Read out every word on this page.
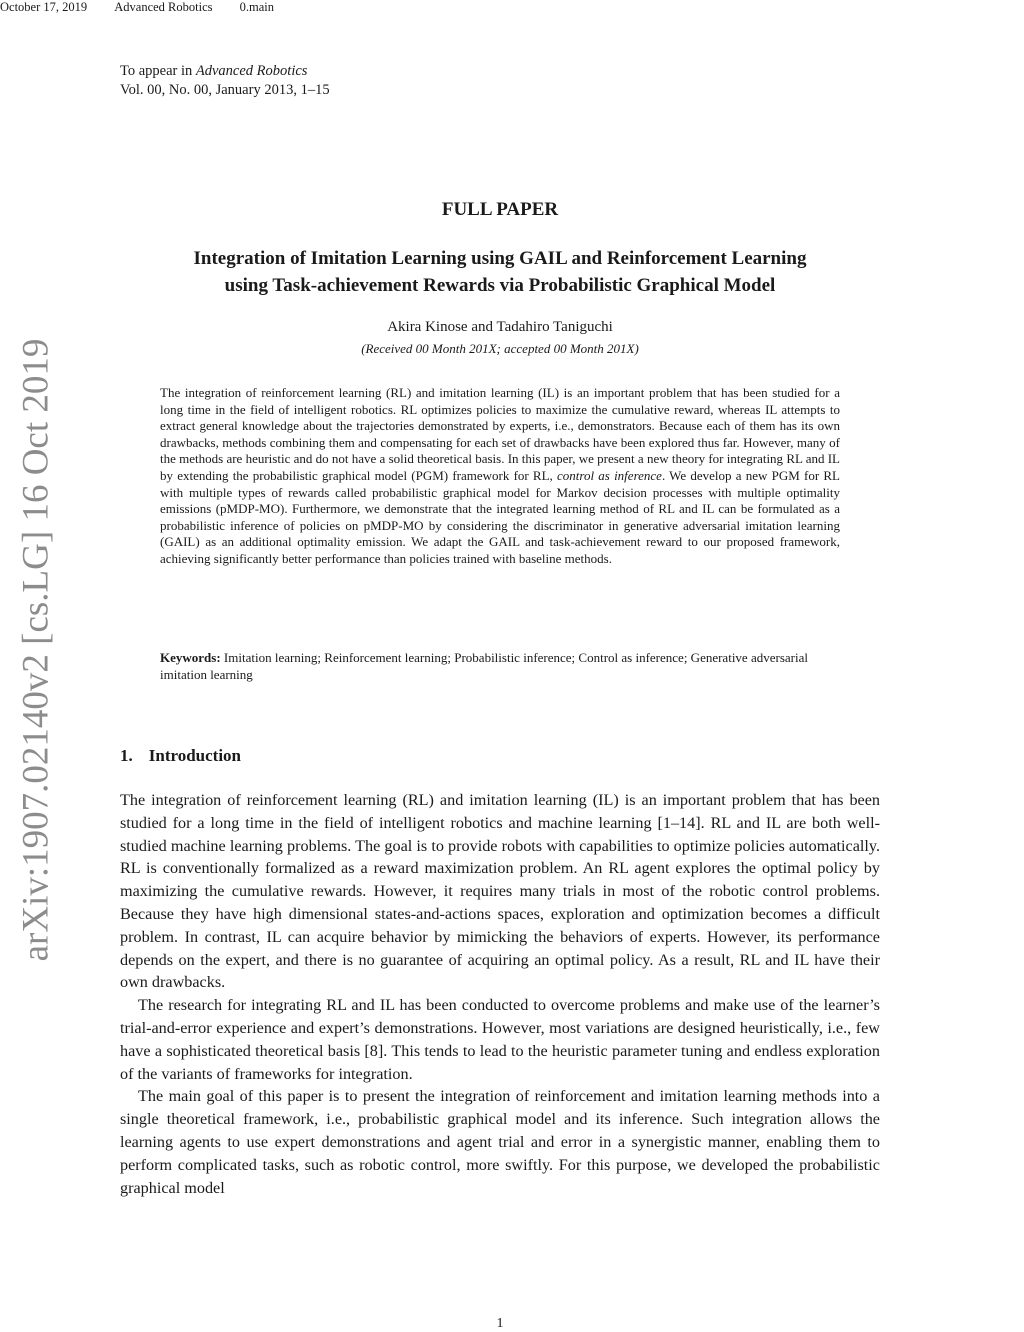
October 17, 2019 Advanced Robotics 0.main
To appear in Advanced Robotics
Vol. 00, No. 00, January 2013, 1–15
arXiv:1907.02140v2 [cs.LG] 16 Oct 2019
FULL PAPER
Integration of Imitation Learning using GAIL and Reinforcement Learning
using Task-achievement Rewards via Probabilistic Graphical Model
Akira Kinose and Tadahiro Taniguchi
(Received 00 Month 201X; accepted 00 Month 201X)
The integration of reinforcement learning (RL) and imitation learning (IL) is an important problem that has been studied for a long time in the field of intelligent robotics. RL optimizes policies to maximize the cumulative reward, whereas IL attempts to extract general knowledge about the trajectories demonstrated by experts, i.e., demonstrators. Because each of them has its own drawbacks, methods combining them and compensating for each set of drawbacks have been explored thus far. However, many of the methods are heuristic and do not have a solid theoretical basis. In this paper, we present a new theory for integrating RL and IL by extending the probabilistic graphical model (PGM) framework for RL, control as inference. We develop a new PGM for RL with multiple types of rewards called probabilistic graphical model for Markov decision processes with multiple optimality emissions (pMDP-MO). Furthermore, we demonstrate that the integrated learning method of RL and IL can be formulated as a probabilistic inference of policies on pMDP-MO by considering the discriminator in generative adversarial imitation learning (GAIL) as an additional optimality emission. We adapt the GAIL and task-achievement reward to our proposed framework, achieving significantly better performance than policies trained with baseline methods.
Keywords: Imitation learning; Reinforcement learning; Probabilistic inference; Control as inference; Generative adversarial imitation learning
1. Introduction

The integration of reinforcement learning (RL) and imitation learning (IL) is an important problem that has been studied for a long time in the field of intelligent robotics and machine learning [1–14]. RL and IL are both well-studied machine learning problems. The goal is to provide robots with capabilities to optimize policies automatically. RL is conventionally formalized as a reward maximization problem. An RL agent explores the optimal policy by maximizing the cumulative rewards. However, it requires many trials in most of the robotic control problems. Because they have high dimensional states-and-actions spaces, exploration and optimization becomes a difficult problem. In contrast, IL can acquire behavior by mimicking the behaviors of experts. However, its performance depends on the expert, and there is no guarantee of acquiring an optimal policy. As a result, RL and IL have their own drawbacks.

The research for integrating RL and IL has been conducted to overcome problems and make use of the learner’s trial-and-error experience and expert’s demonstrations. However, most variations are designed heuristically, i.e., few have a sophisticated theoretical basis [8]. This tends to lead to the heuristic parameter tuning and endless exploration of the variants of frameworks for integration.

The main goal of this paper is to present the integration of reinforcement and imitation learning methods into a single theoretical framework, i.e., probabilistic graphical model and its inference. Such integration allows the learning agents to use expert demonstrations and agent trial and error in a synergistic manner, enabling them to perform complicated tasks, such as robotic control, more swiftly. For this purpose, we developed the probabilistic graphical model

1
